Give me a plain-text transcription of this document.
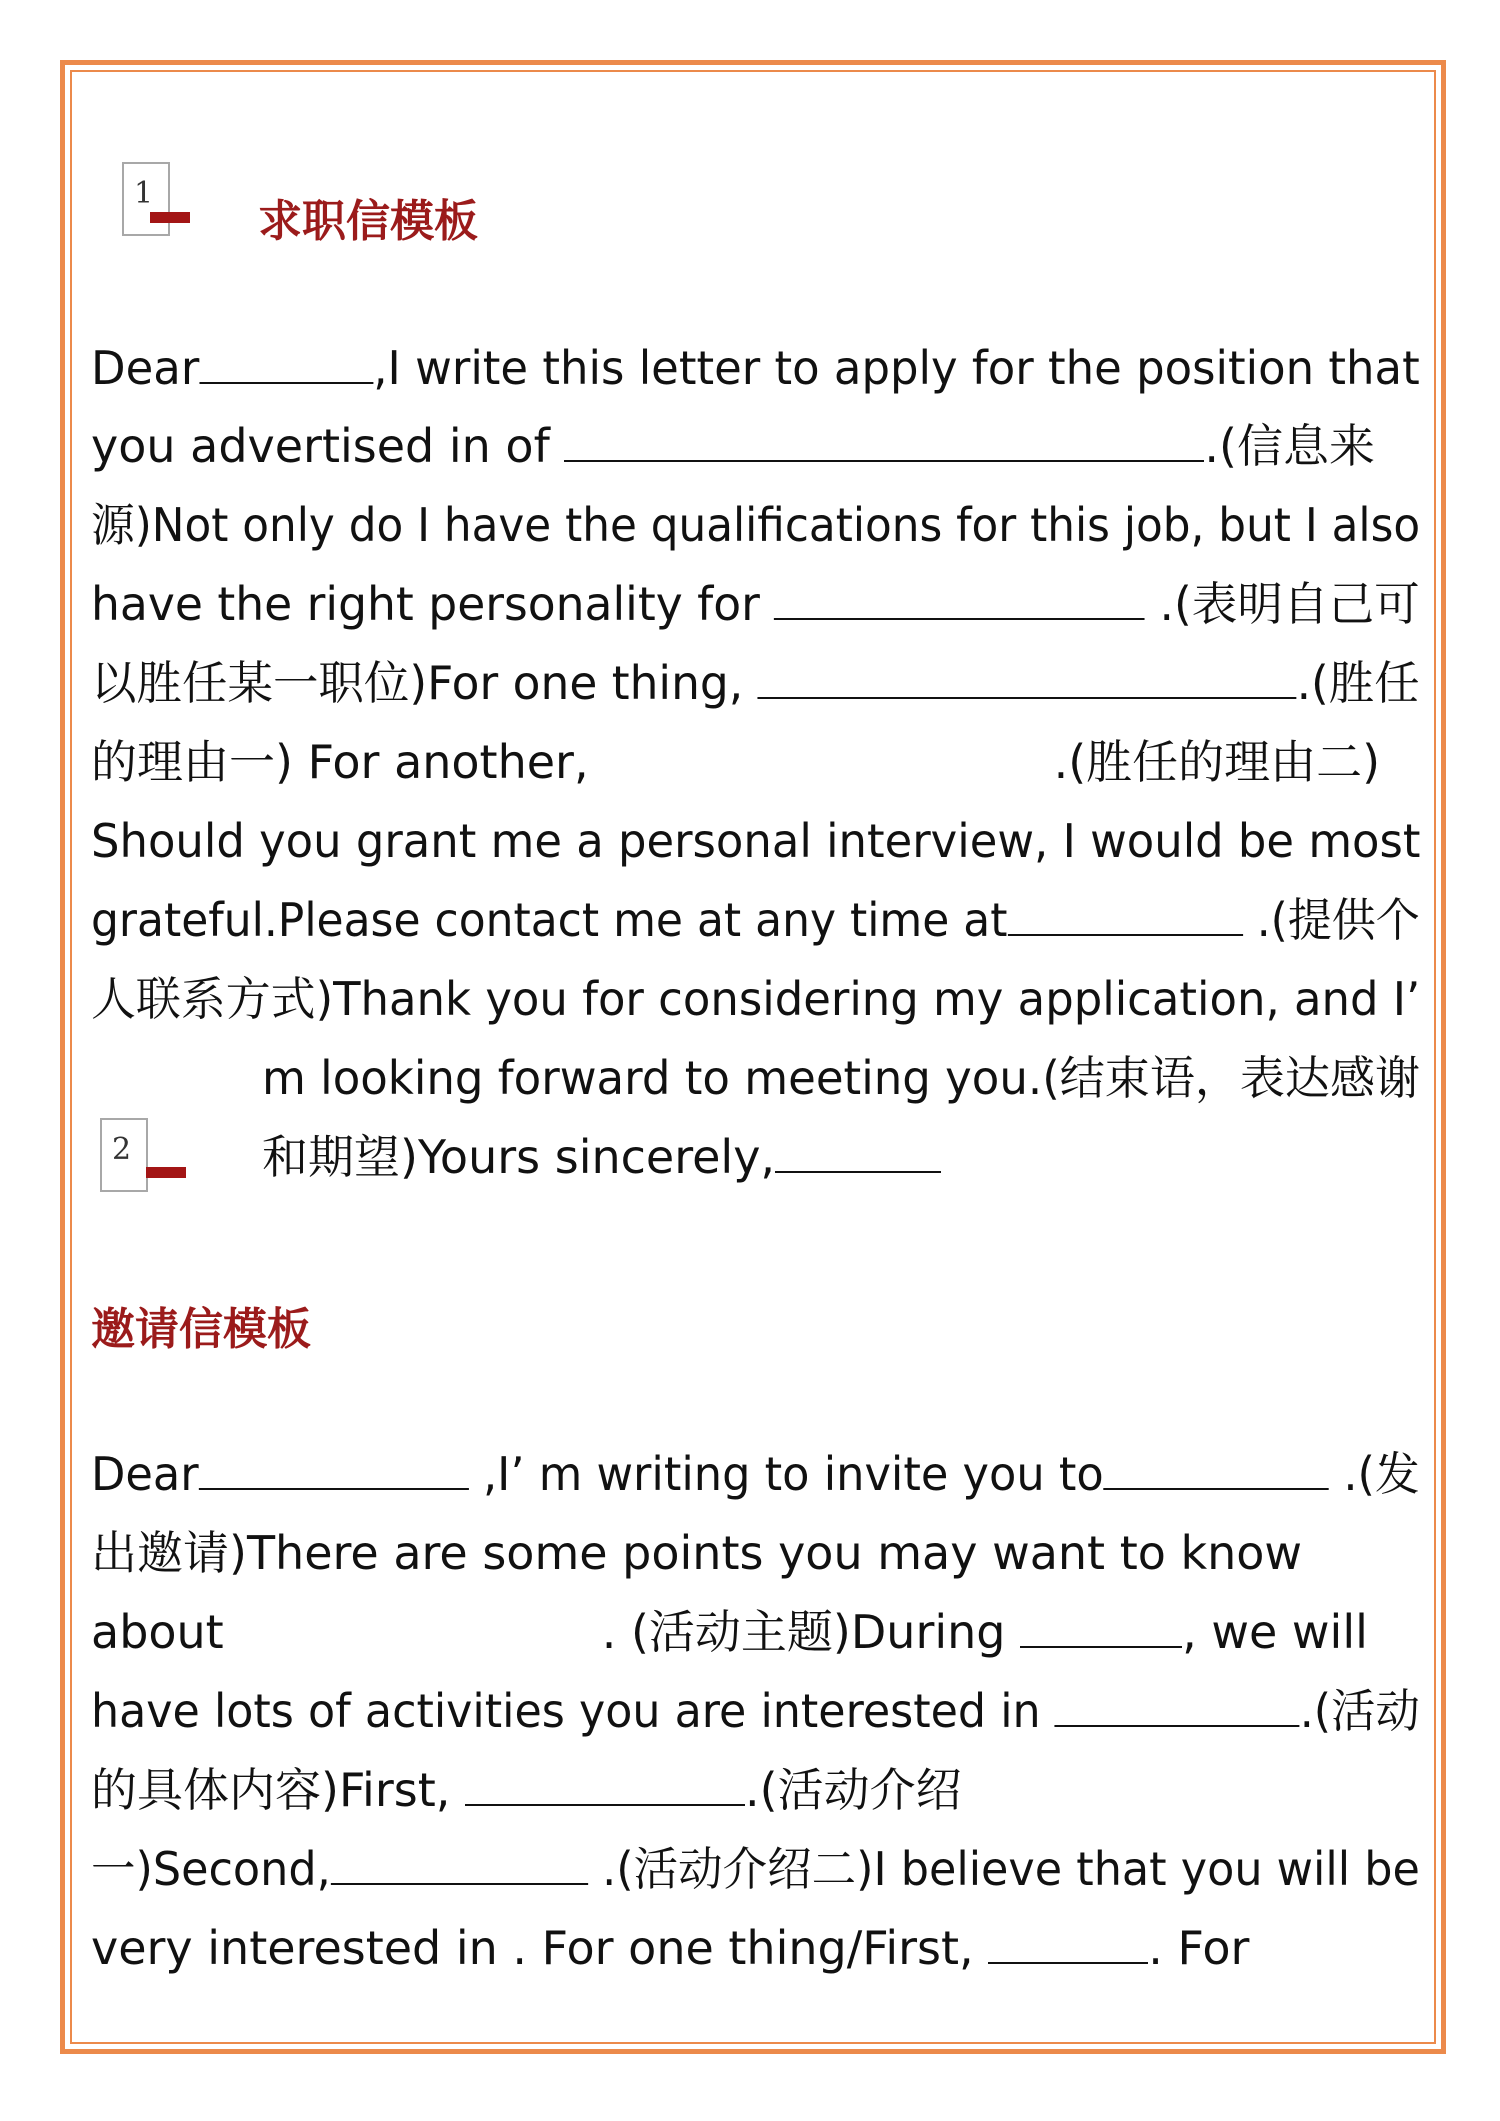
1
2
求职信模板
Dear	,I write this letter to apply for the position that
you advertised in of	.(信息来
源)Not only do I have the qualifications for this job, but I also
have the right personality for	.(表明自己可
以胜任某一职位)For one thing,	.(胜任
的理由一) For another,	.(胜任的理由二)
Should you grant me a personal interview, I would be most
grateful.Please contact me at any time at	.(提供个
人联系方式)Thank you for considering my application, and I’
m looking forward to meeting you.(结束语，表达感谢
和期望)Yours sincerely,
邀请信模板
Dear	,I’ m writing to invite you to	.(发
出邀请)There are some points you may want to know
about	. (活动主题)During	, we will
have lots of activities you are interested in	.(活动
的具体内容)First,	.(活动介绍
一)Second,	.(活动介绍二)I believe that you will be
very interested in . For one thing/First,	. For
